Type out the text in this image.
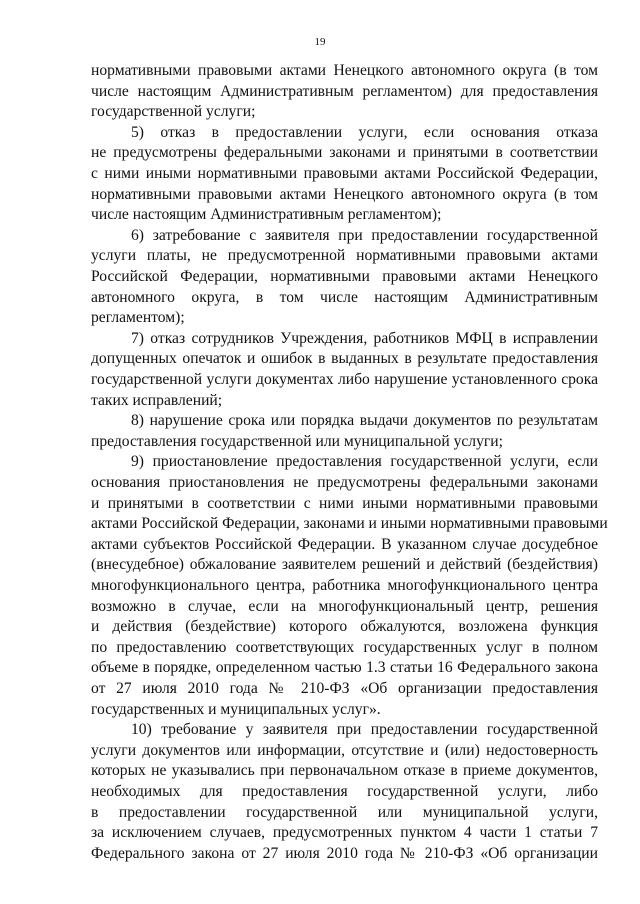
19
нормативными правовыми актами Ненецкого автономного округа (в том
числе настоящим Административным регламентом) для предоставления
государственной услуги;
5) отказ в предоставлении услуги, если основания отказа
не предусмотрены федеральными законами и принятыми в соответствии
с ними иными нормативными правовыми актами Российской Федерации,
нормативными правовыми актами Ненецкого автономного округа (в том
числе настоящим Административным регламентом);
6) затребование с заявителя при предоставлении государственной
услуги платы, не предусмотренной нормативными правовыми актами
Российской Федерации, нормативными правовыми актами Ненецкого
автономного округа, в том числе настоящим Административным
регламентом);
7) отказ сотрудников Учреждения, работников МФЦ в исправлении
допущенных опечаток и ошибок в выданных в результате предоставления
государственной услуги документах либо нарушение установленного срока
таких исправлений;
8) нарушение срока или порядка выдачи документов по результатам
предоставления государственной или муниципальной услуги;
9) приостановление предоставления государственной услуги, если
основания приостановления не предусмотрены федеральными законами
и принятыми в соответствии с ними иными нормативными правовыми
актами Российской Федерации, законами и иными нормативными правовыми
актами субъектов Российской Федерации. В указанном случае досудебное
(внесудебное) обжалование заявителем решений и действий (бездействия)
многофункционального центра, работника многофункционального центра
возможно в случае, если на многофункциональный центр, решения
и действия (бездействие) которого обжалуются, возложена функция
по предоставлению соответствующих государственных услуг в полном
объеме в порядке, определенном частью 1.3 статьи 16 Федерального закона
от 27 июля 2010 года № 210-ФЗ «Об организации предоставления
государственных и муниципальных услуг».
10) требование у заявителя при предоставлении государственной
услуги документов или информации, отсутствие и (или) недостоверность
которых не указывались при первоначальном отказе в приеме документов,
необходимых для предоставления государственной услуги, либо
в предоставлении государственной или муниципальной услуги,
за исключением случаев, предусмотренных пунктом 4 части 1 статьи 7
Федерального закона от 27 июля 2010 года № 210-ФЗ «Об организации
